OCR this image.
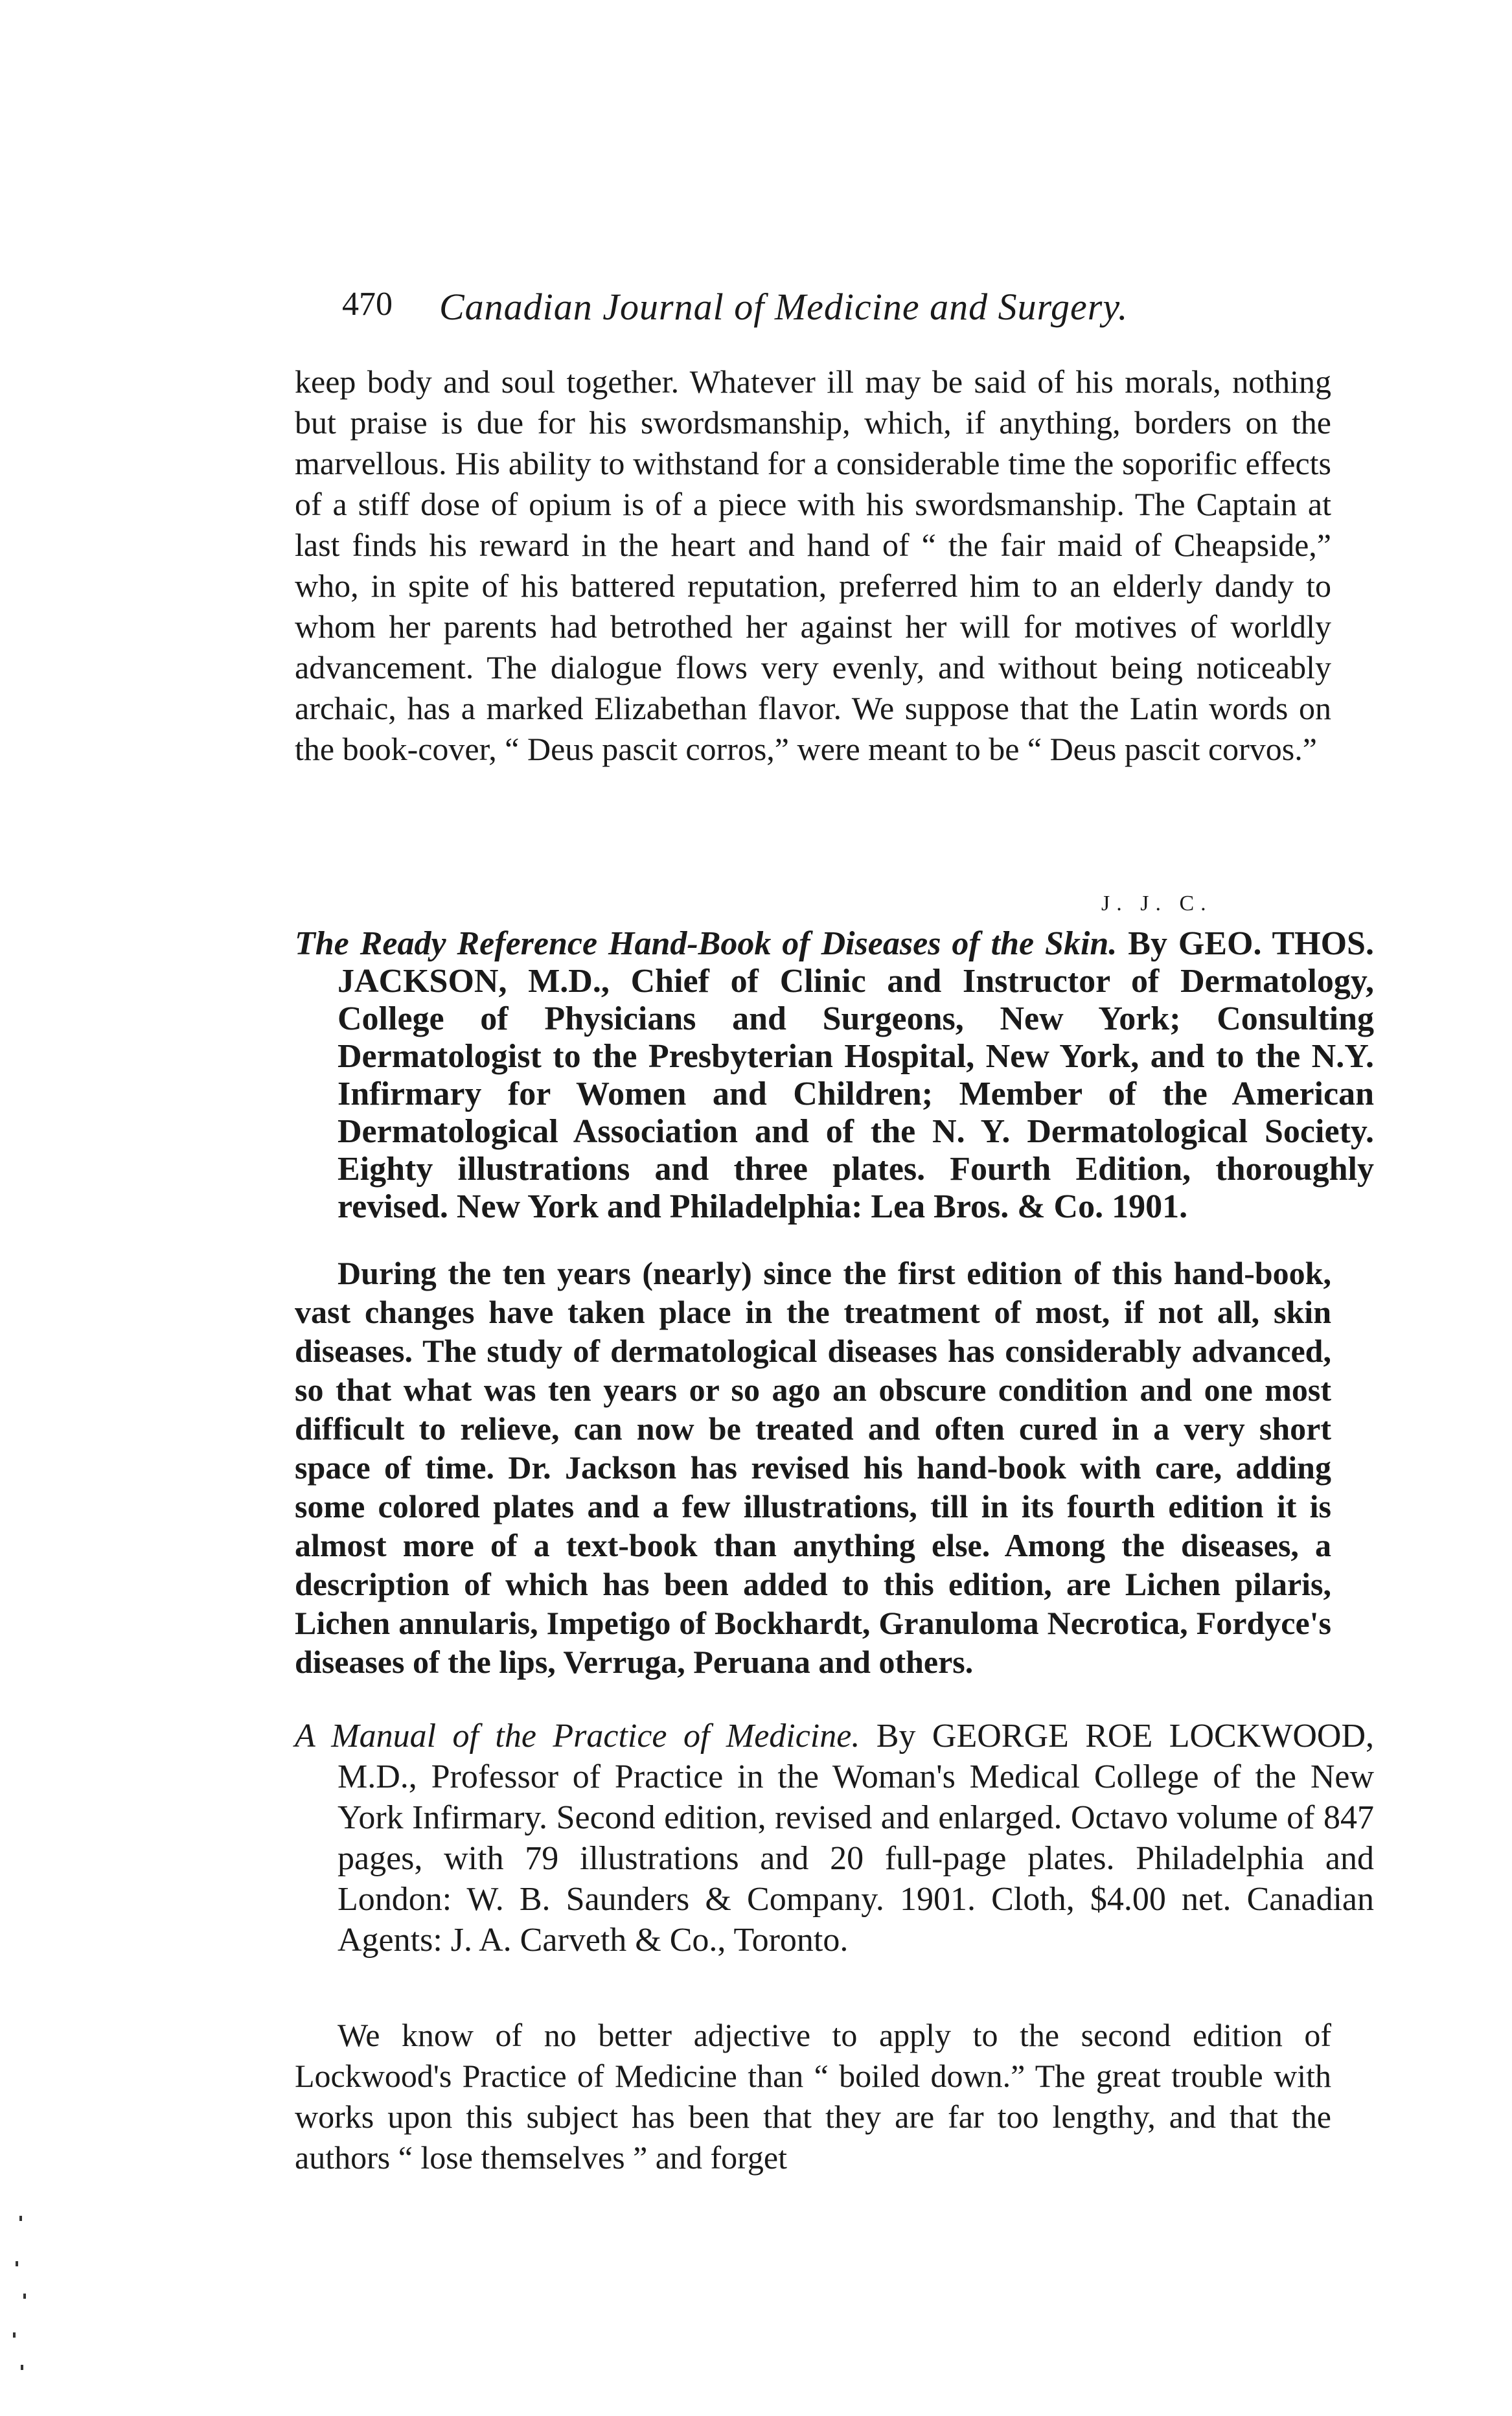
470 Canadian Journal of Medicine and Surgery.

keep body and soul together. Whatever ill may be said of his morals, nothing but praise is due for his swordsmanship, which, if anything, borders on the marvellous. His ability to withstand for a considerable time the soporific effects of a stiff dose of opium is of a piece with his swordsmanship. The Captain at last finds his reward in the heart and hand of “ the fair maid of Cheapside,” who, in spite of his battered reputation, preferred him to an elderly dandy to whom her parents had betrothed her against her will for motives of worldly advancement. The dialogue flows very evenly, and without being noticeably archaic, has a marked Elizabethan flavor. We suppose that the Latin words on the book-cover, “ Deus pascit corros,” were meant to be “ Deus pascit corvos.”

J. J. C.

The Ready Reference Hand-Book of Diseases of the Skin. By GEO. THOS. JACKSON, M.D., Chief of Clinic and Instructor of Dermatology, College of Physicians and Surgeons, New York; Consulting Dermatologist to the Presbyterian Hospital, New York, and to the N.Y. Infirmary for Women and Children; Member of the American Dermatological Association and of the N. Y. Dermatological Society. Eighty illustrations and three plates. Fourth Edition, thoroughly revised. New York and Philadelphia: Lea Bros. & Co. 1901.

During the ten years (nearly) since the first edition of this hand-book, vast changes have taken place in the treatment of most, if not all, skin diseases. The study of dermatological diseases has considerably advanced, so that what was ten years or so ago an obscure condition and one most difficult to relieve, can now be treated and often cured in a very short space of time. Dr. Jackson has revised his hand-book with care, adding some colored plates and a few illustrations, till in its fourth edition it is almost more of a text-book than anything else. Among the diseases, a description of which has been added to this edition, are Lichen pilaris, Lichen annularis, Impetigo of Bockhardt, Granuloma Necrotica, Fordyce's diseases of the lips, Verruga, Peruana and others.

A Manual of the Practice of Medicine. By GEORGE ROE LOCKWOOD, M.D., Professor of Practice in the Woman's Medical College of the New York Infirmary. Second edition, revised and enlarged. Octavo volume of 847 pages, with 79 illustrations and 20 full-page plates. Philadelphia and London: W. B. Saunders & Company. 1901. Cloth, $4.00 net. Canadian Agents: J. A. Carveth & Co., Toronto.

We know of no better adjective to apply to the second edition of Lockwood's Practice of Medicine than “ boiled down.” The great trouble with works upon this subject has been that they are far too lengthy, and that the authors “ lose themselves ” and forget
